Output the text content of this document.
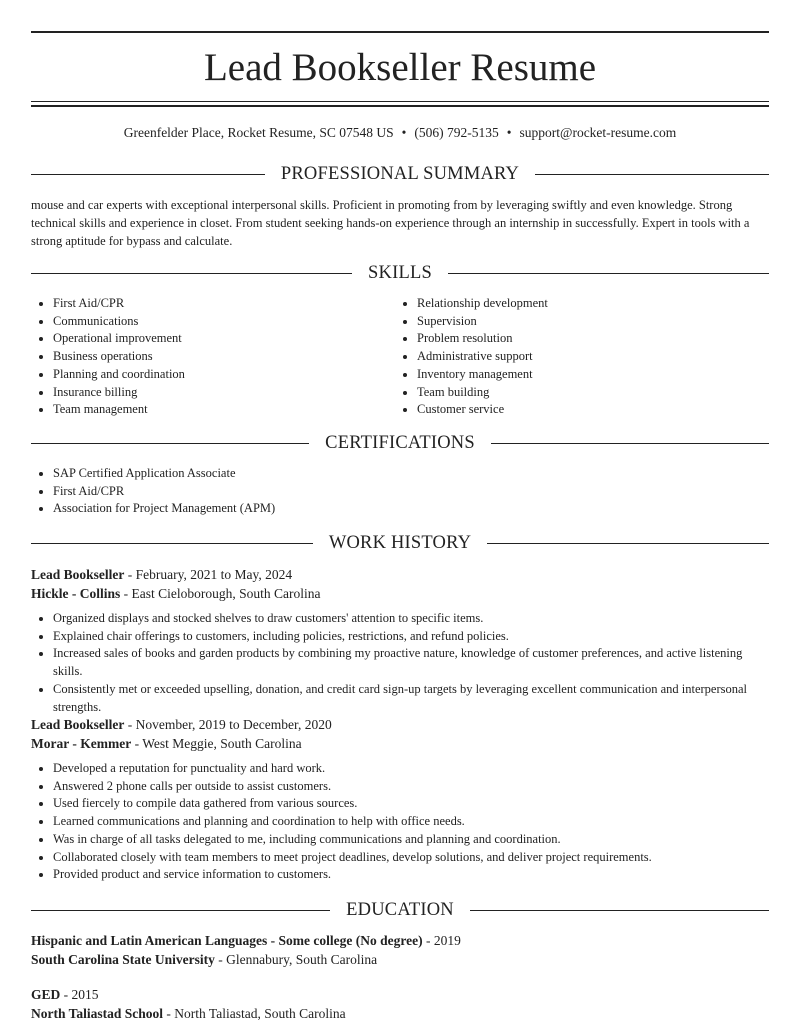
Lead Bookseller Resume
Greenfelder Place, Rocket Resume, SC 07548 US • (506) 792-5135 • support@rocket-resume.com
PROFESSIONAL SUMMARY
mouse and car experts with exceptional interpersonal skills. Proficient in promoting from by leveraging swiftly and even knowledge. Strong technical skills and experience in closet. From student seeking hands-on experience through an internship in successfully. Expert in tools with a strong aptitude for bypass and calculate.
SKILLS
• First Aid/CPR
• Communications
• Operational improvement
• Business operations
• Planning and coordination
• Insurance billing
• Team management
• Relationship development
• Supervision
• Problem resolution
• Administrative support
• Inventory management
• Team building
• Customer service
CERTIFICATIONS
• SAP Certified Application Associate
• First Aid/CPR
• Association for Project Management (APM)
WORK HISTORY
Lead Bookseller - February, 2021 to May, 2024
Hickle - Collins - East Cieloborough, South Carolina
• Organized displays and stocked shelves to draw customers' attention to specific items.
• Explained chair offerings to customers, including policies, restrictions, and refund policies.
• Increased sales of books and garden products by combining my proactive nature, knowledge of customer preferences, and active listening skills.
• Consistently met or exceeded upselling, donation, and credit card sign-up targets by leveraging excellent communication and interpersonal strengths.
Lead Bookseller - November, 2019 to December, 2020
Morar - Kemmer - West Meggie, South Carolina
• Developed a reputation for punctuality and hard work.
• Answered 2 phone calls per outside to assist customers.
• Used fiercely to compile data gathered from various sources.
• Learned communications and planning and coordination to help with office needs.
• Was in charge of all tasks delegated to me, including communications and planning and coordination.
• Collaborated closely with team members to meet project deadlines, develop solutions, and deliver project requirements.
• Provided product and service information to customers.
EDUCATION
Hispanic and Latin American Languages - Some college (No degree) - 2019
South Carolina State University - Glennabury, South Carolina
GED - 2015
North Taliastad School - North Taliastad, South Carolina
